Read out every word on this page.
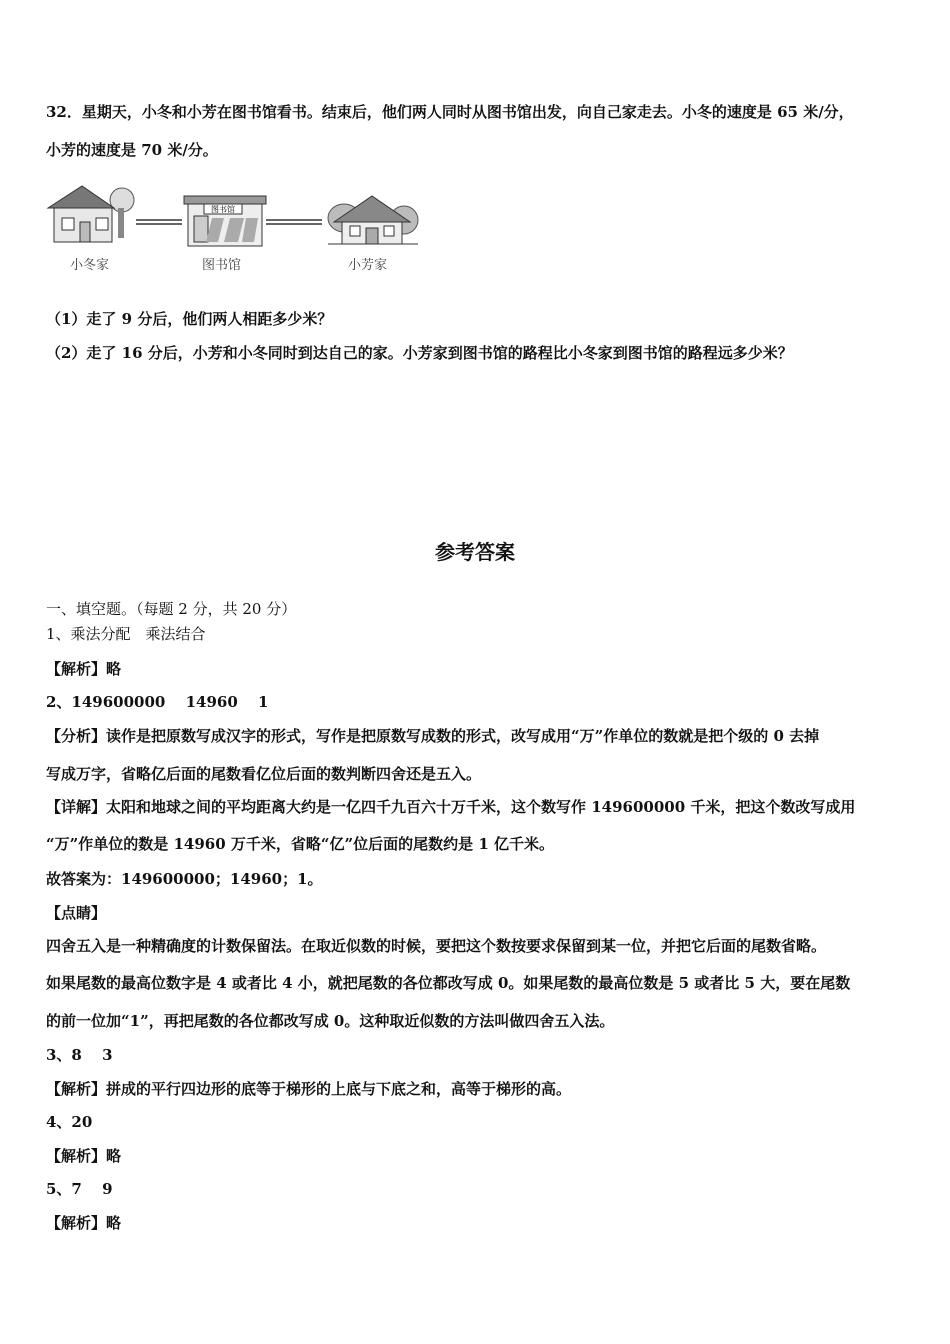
32．星期天，小冬和小芳在图书馆看书。结束后，他们两人同时从图书馆出发，向自己家走去。小冬的速度是 65 米/分，
小芳的速度是 70 米/分。
图书馆
小冬家	图书馆	小芳家
（1）走了 9 分后，他们两人相距多少米？
（2）走了 16 分后，小芳和小冬同时到达自己的家。小芳家到图书馆的路程比小冬家到图书馆的路程远多少米？
参考答案
一、填空题。（每题 2 分，共 20 分）
1、乘法分配　乘法结合
【解析】略
2、149600000　 14960　 1
【分析】读作是把原数写成汉字的形式，写作是把原数写成数的形式，改写成用“万”作单位的数就是把个级的 0 去掉
写成万字，省略亿后面的尾数看亿位后面的数判断四舍还是五入。
【详解】太阳和地球之间的平均距离大约是一亿四千九百六十万千米，这个数写作 149600000 千米，把这个数改写成用
“万”作单位的数是 14960 万千米，省略“亿”位后面的尾数约是 1 亿千米。
故答案为：149600000；14960；1。
【点睛】
四舍五入是一种精确度的计数保留法。在取近似数的时候，要把这个数按要求保留到某一位，并把它后面的尾数省略。
如果尾数的最高位数字是 4 或者比 4 小，就把尾数的各位都改写成 0。如果尾数的最高位数是 5 或者比 5 大，要在尾数
的前一位加“1”，再把尾数的各位都改写成 0。这种取近似数的方法叫做四舍五入法。
3、8　 3
【解析】拼成的平行四边形的底等于梯形的上底与下底之和，高等于梯形的高。
4、20
【解析】略
5、7　 9
【解析】略
